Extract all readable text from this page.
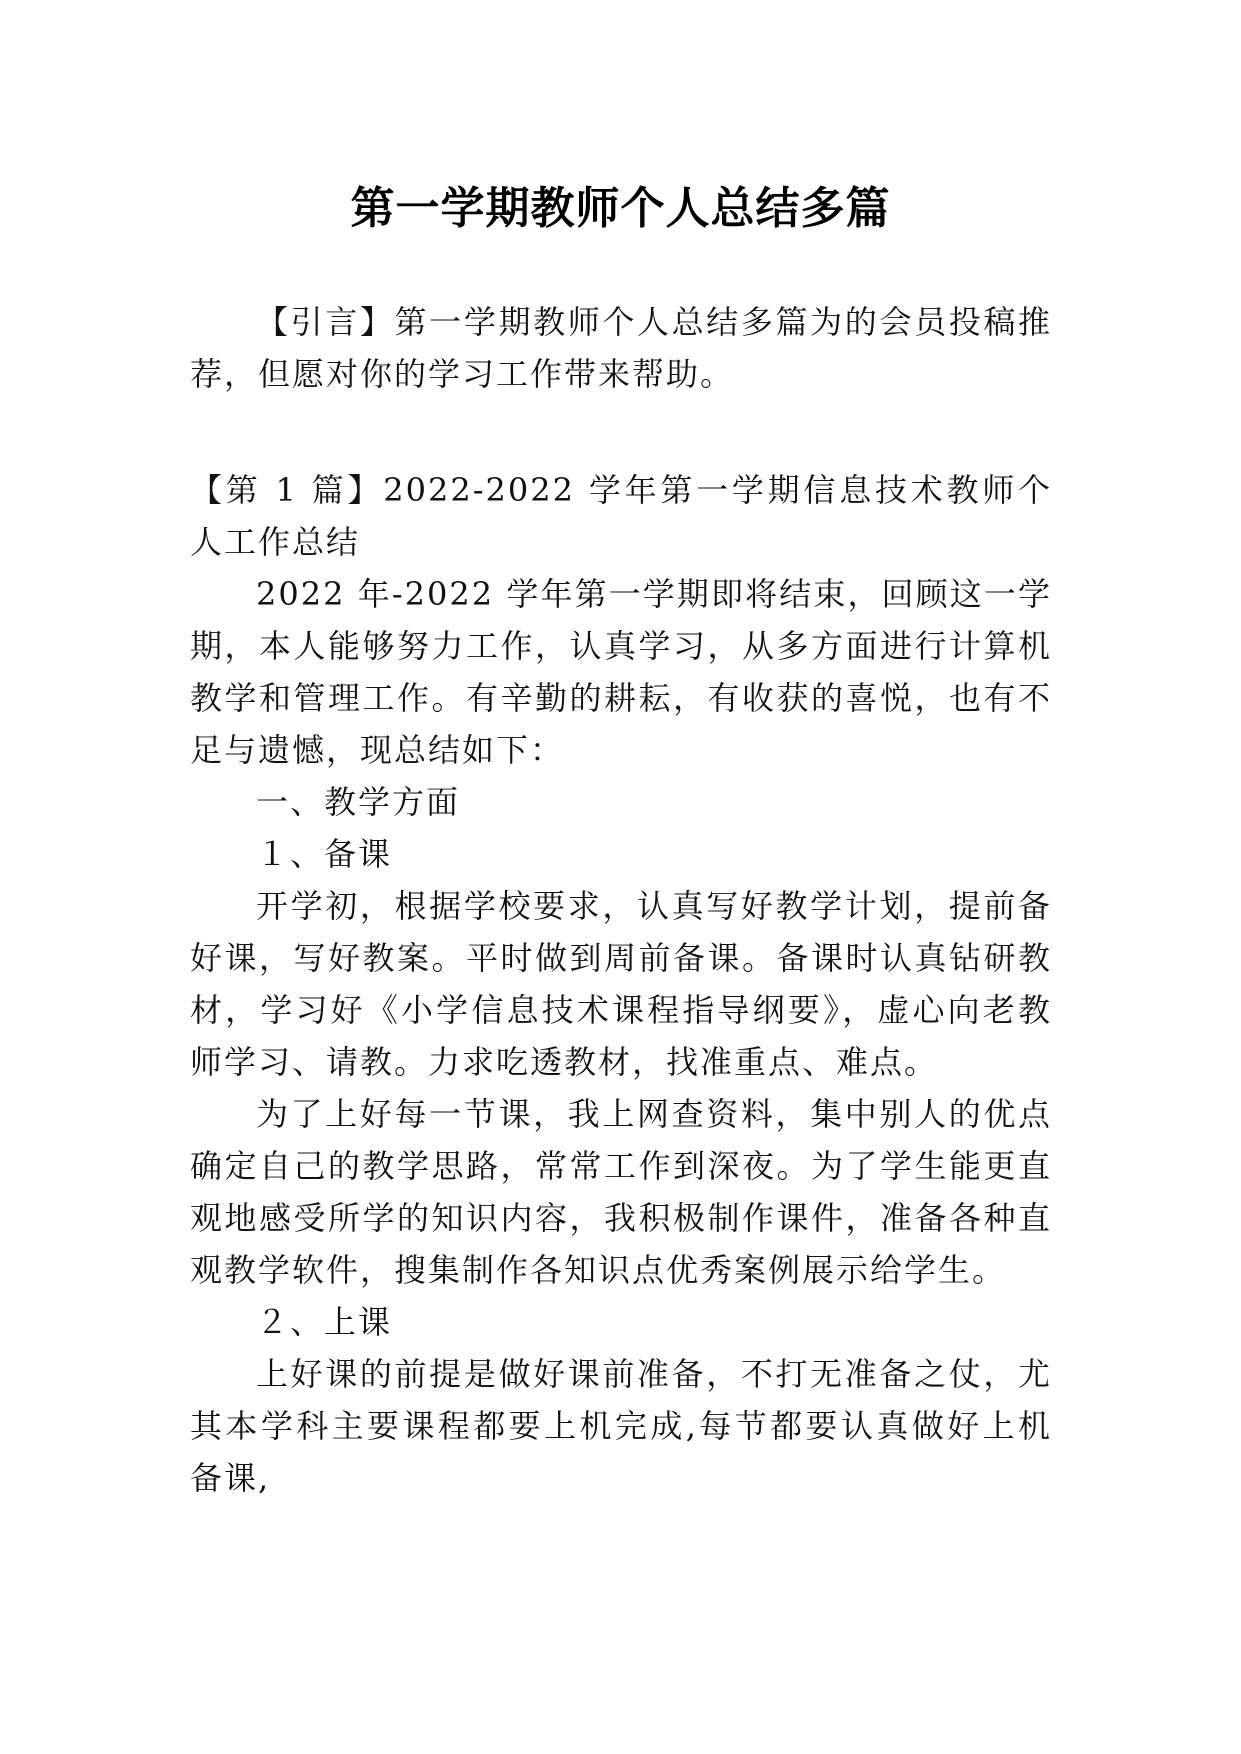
第一学期教师个人总结多篇

【引言】第一学期教师个人总结多篇为的会员投稿推荐，但愿对你的学习工作带来帮助。

【第 1 篇】2022-2022 学年第一学期信息技术教师个人工作总结

2022 年-2022 学年第一学期即将结束，回顾这一学期，本人能够努力工作，认真学习，从多方面进行计算机教学和管理工作。有辛勤的耕耘，有收获的喜悦，也有不足与遗憾，现总结如下：

一、教学方面

１、备课

开学初，根据学校要求，认真写好教学计划，提前备好课，写好教案。平时做到周前备课。备课时认真钻研教材，学习好《小学信息技术课程指导纲要》，虚心向老教师学习、请教。力求吃透教材，找准重点、难点。

为了上好每一节课，我上网查资料，集中别人的优点确定自己的教学思路，常常工作到深夜。为了学生能更直观地感受所学的知识内容，我积极制作课件，准备各种直观教学软件，搜集制作各知识点优秀案例展示给学生。

２、上课

上好课的前提是做好课前准备，不打无准备之仗，尤其本学科主要课程都要上机完成,每节都要认真做好上机备课,
